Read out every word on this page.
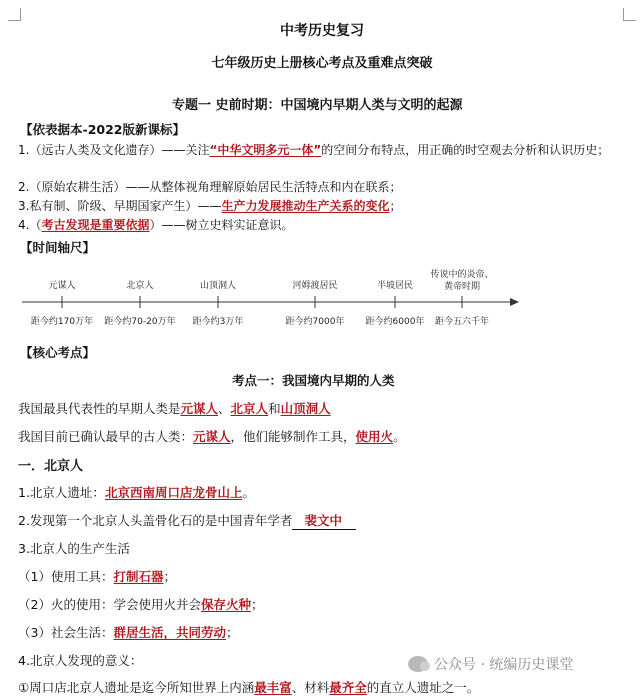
中考历史复习
七年级历史上册核心考点及重难点突破
专题一 史前时期：中国境内早期人类与文明的起源
【依表据本-2022版新课标】
1.（远古人类及文化遗存）——关注“中华文明多元一体”的空间分布特点，用正确的时空观去分析和认识历史；
2.（原始农耕生活）——从整体视角理解原始居民生活特点和内在联系；
3.私有制、阶级、早期国家产生）——生产力发展推动生产关系的变化；
4.（考古发现是重要依据）——树立史料实证意识。
【时间轴尺】
元谋人
距今约170万年
北京人
距今约70-20万年
山顶洞人
距今约3万年
河姆渡居民
距今约7000年
半坡居民
距今约6000年
传说中的炎帝、
黄帝时期
距今五六千年
【核心考点】
考点一：我国境内早期的人类
我国最具代表性的早期人类是元谋人、北京人和山顶洞人
我国目前已确认最早的古人类：元谋人，他们能够制作工具，使用火。
一．北京人
1.北京人遗址：北京西南周口店龙骨山上。
2.发现第一个北京人头盖骨化石的是中国青年学者 裴文中
3.北京人的生产生活
（1）使用工具：打制石器；
（2）火的使用：学会使用火并会保存火种；
（3）社会生活：群居生活，共同劳动；
4.北京人发现的意义：
①周口店北京人遗址是迄今所知世界上内涵最丰富、材料最齐全的直立人遗址之一。
公众号 · 统编历史课堂
